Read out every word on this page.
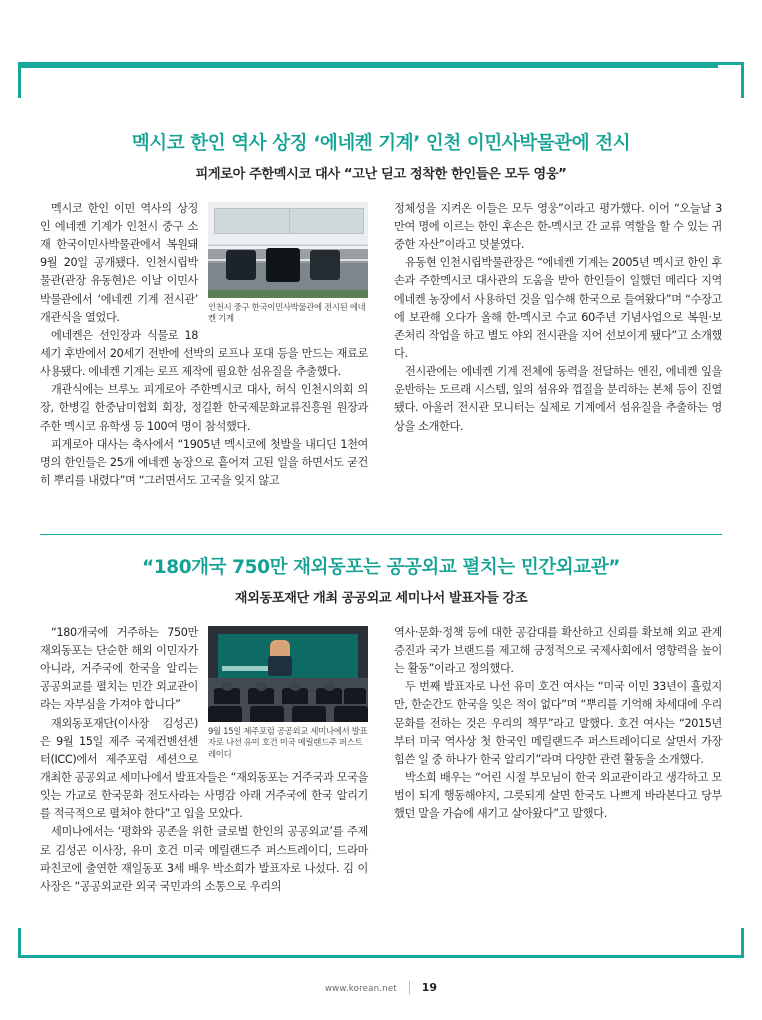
멕시코 한인 역사 상징 ‘에네켄 기계’ 인천 이민사박물관에 전시
피게로아 주한멕시코 대사 “고난 딛고 정착한 한인들은 모두 영웅”
인천시 중구 한국이민사박물관에 전시된 에네켄 기계

멕시코 한인 이민 역사의 상징인 에네켄 기계가 인천시 중구 소재 한국이민사박물관에서 복원돼 9월 20일 공개됐다. 인천시립박물관(관장 유동현)은 이날 이민사박물관에서 ‘에네켄 기계 전시관’ 개관식을 열었다.

에네켄은 선인장과 식물로 18세기 후반에서 20세기 전반에 선박의 로프나 포대 등을 만드는 재료로 사용됐다. 에네켄 기계는 로프 제작에 필요한 섬유질을 추출했다.

개관식에는 브루노 피게로아 주한멕시코 대사, 허식 인천시의회 의장, 한병길 한중남미협회 회장, 정길환 한국제문화교류진흥원 원장과 주한 멕시코 유학생 등 100여 명이 참석했다.

피게로아 대사는 축사에서 “1905년 멕시코에 첫발을 내디딘 1천여 명의 한인들은 25개 에네켄 농장으로 흩어져 고된 일을 하면서도 굳건히 뿌리를 내렸다”며 “그러면서도 고국을 잊지 않고

정체성을 지켜온 이들은 모두 영웅”이라고 평가했다. 이어 “오늘날 3만여 명에 이르는 한인 후손은 한-멕시코 간 교류 역할을 할 수 있는 귀중한 자산”이라고 덧붙였다.

유동현 인천시립박물관장은 “에네켄 기계는 2005년 멕시코 한인 후손과 주한멕시코 대사관의 도움을 받아 한인들이 일했던 메리다 지역 에네켄 농장에서 사용하던 것을 입수해 한국으로 들여왔다”며 “수장고에 보관해 오다가 올해 한-멕시코 수교 60주년 기념사업으로 복원·보존처리 작업을 하고 별도 야외 전시관을 지어 선보이게 됐다”고 소개했다.

전시관에는 에네켄 기계 전체에 동력을 전달하는 엔진, 에네켄 잎을 운반하는 도르래 시스템, 잎의 섬유와 껍질을 분리하는 본체 등이 진열됐다. 아울러 전시관 모니터는 실제로 기계에서 섬유질을 추출하는 영상을 소개한다.

“180개국 750만 재외동포는 공공외교 펼치는 민간외교관”
재외동포재단 개최 공공외교 세미나서 발표자들 강조
9월 15일 제주포럼 공공외교 세미나에서 발표자로 나선 유미 호건 미국 메릴랜드주 퍼스트레이디

“180개국에 거주하는 750만 재외동포는 단순한 해외 이민자가 아니라, 거주국에 한국을 알리는 공공외교를 펼치는 민간 외교관이라는 자부심을 가져야 합니다”

재외동포재단(이사장 김성곤)은 9월 15일 제주 국제컨벤션센터(ICC)에서 제주포럼 세션으로 개최한 공공외교 세미나에서 발표자들은 “재외동포는 거주국과 모국을 잇는 가교로 한국문화 전도사라는 사명감 아래 거주국에 한국 알리기를 적극적으로 펼쳐야 한다”고 입을 모았다.

세미나에서는 ‘평화와 공존을 위한 글로벌 한인의 공공외교’를 주제로 김성곤 이사장, 유미 호건 미국 메릴랜드주 퍼스트레이디, 드라마 파친코에 출연한 재일동포 3세 배우 박소희가 발표자로 나섰다. 김 이사장은 “공공외교란 외국 국민과의 소통으로 우리의

역사·문화·정책 등에 대한 공감대를 확산하고 신뢰를 확보해 외교 관계 증진과 국가 브랜드를 제고해 긍정적으로 국제사회에서 영향력을 높이는 활동”이라고 정의했다.

두 번째 발표자로 나선 유미 호건 여사는 “미국 이민 33년이 흘렀지만, 한순간도 한국을 잊은 적이 없다”며 “뿌리를 기억해 차세대에 우리 문화를 전하는 것은 우리의 책무”라고 말했다. 호건 여사는 “2015년부터 미국 역사상 첫 한국인 메릴랜드주 퍼스트레이디로 살면서 가장 힘쓴 일 중 하나가 한국 알리기”라며 다양한 관련 활동을 소개했다.

박소희 배우는 “어린 시절 부모님이 한국 외교관이라고 생각하고 모범이 되게 행동해야지, 그릇되게 살면 한국도 나쁘게 바라본다고 당부했던 말을 가슴에 새기고 살아왔다”고 말했다.

www.korean.net 19
